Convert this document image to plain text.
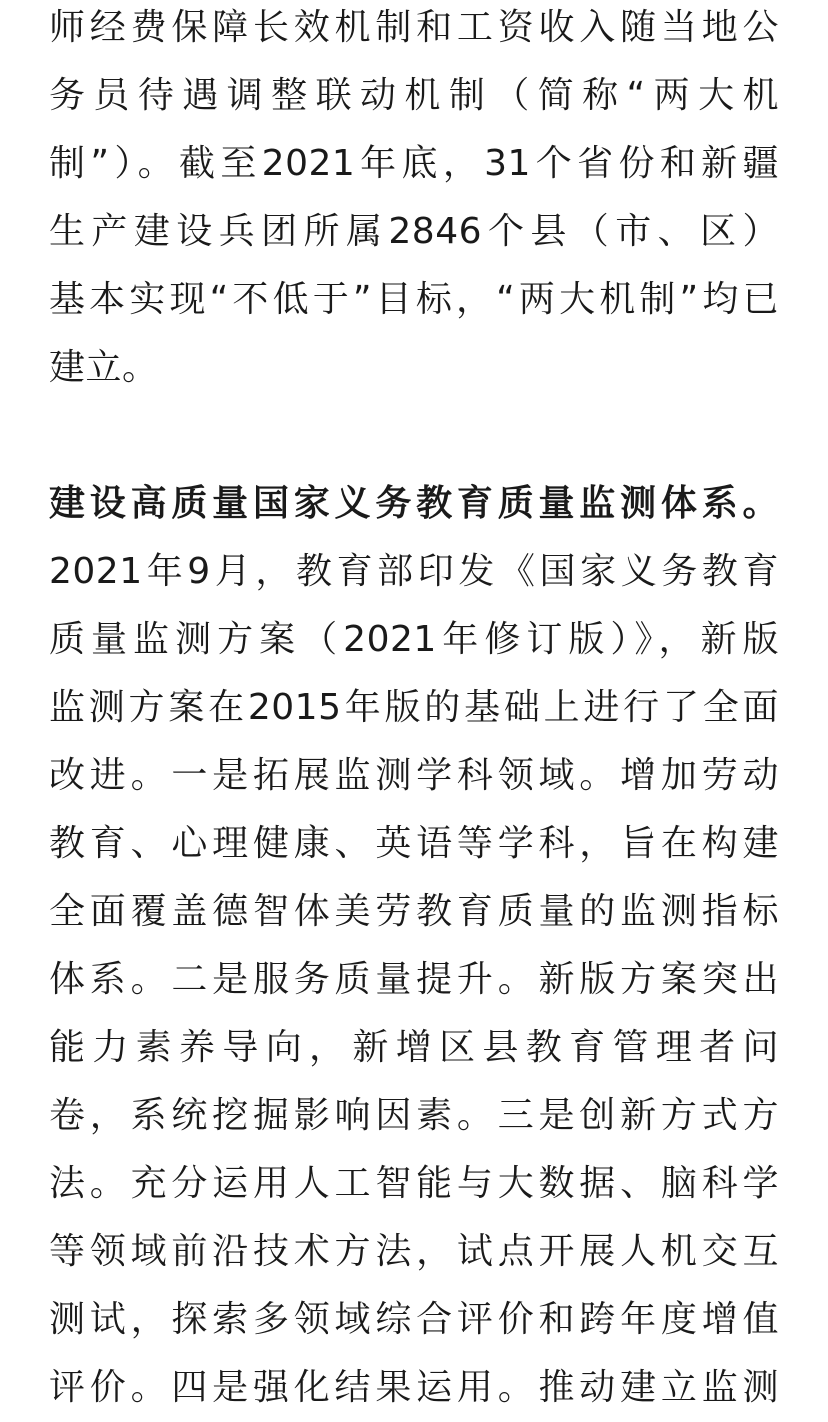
师经费保障长效机制和工资收入随当地公
务员待遇调整联动机制（简称“两大机
制”）。截至2021年底，31个省份和新疆
生产建设兵团所属2846个县（市、区）
基本实现“不低于”目标，“两大机制”均已
建立。
建设高质量国家义务教育质量监测体系。
2021年9月，教育部印发《国家义务教育
质量监测方案（2021年修订版）》，新版
监测方案在2015年版的基础上进行了全面
改进。一是拓展监测学科领域。增加劳动
教育、心理健康、英语等学科，旨在构建
全面覆盖德智体美劳教育质量的监测指标
体系。二是服务质量提升。新版方案突出
能力素养导向，新增区县教育管理者问
卷，系统挖掘影响因素。三是创新方式方
法。充分运用人工智能与大数据、脑科学
等领域前沿技术方法，试点开展人机交互
测试，探索多领域综合评价和跨年度增值
评价。四是强化结果运用。推动建立监测
